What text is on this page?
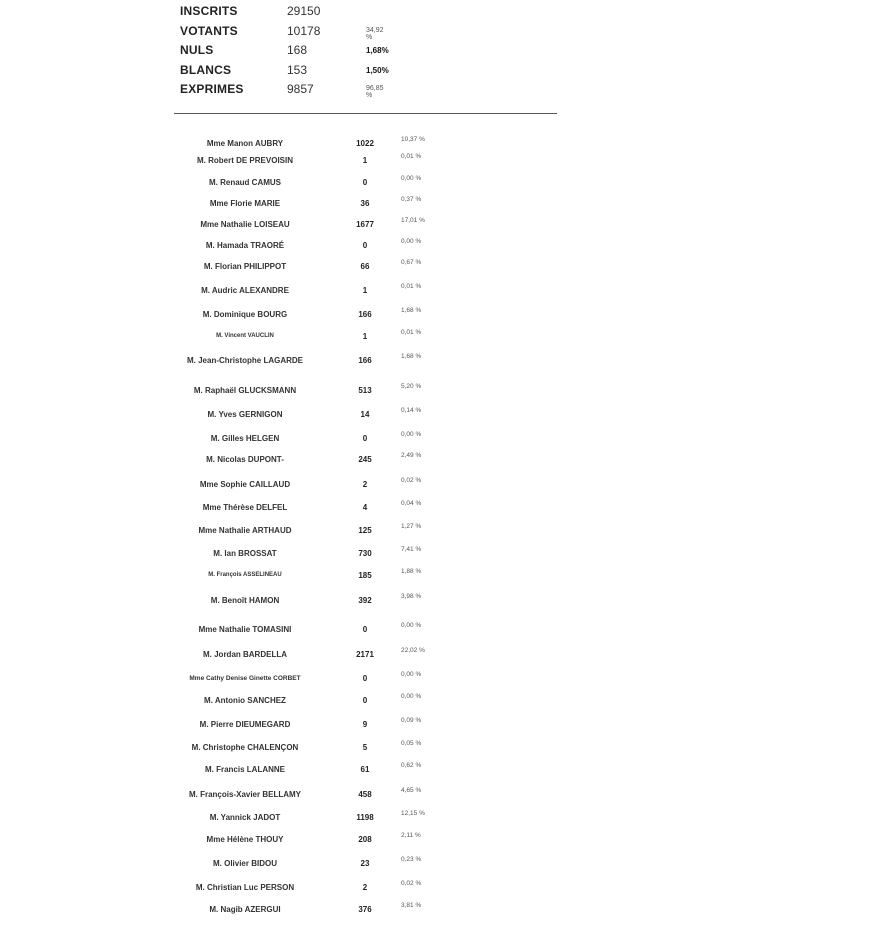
INSCRITS	29150
VOTANTS	10178	34,92 %
NULS	168	1,68%
BLANCS	153	1,50%
EXPRIMES	9857	96,85 %
Mme Manon AUBRY	1022	10,37 %
M. Robert DE PREVOISIN	1	0,01 %
M. Renaud CAMUS	0	0,00 %
Mme Florie MARIE	36	0,37 %
Mme Nathalie LOISEAU	1677	17,01 %
M. Hamada TRAORÉ	0	0,00 %
M. Florian PHILIPPOT	66	0,67 %
M. Audric ALEXANDRE	1	0,01 %
M. Dominique BOURG	166	1,68 %
M. Vincent VAUCLIN	1	0,01 %
M. Jean-Christophe LAGARDE	166	1,68 %
M. Raphaël GLUCKSMANN	513	5,20 %
M. Yves GERNIGON	14	0,14 %
M. Gilles HELGEN	0	0,00 %
M. Nicolas DUPONT-	245	2,49 %
Mme Sophie CAILLAUD	2	0,02 %
Mme Thérèse DELFEL	4	0,04 %
Mme Nathalie ARTHAUD	125	1,27 %
M. Ian BROSSAT	730	7,41 %
M. François ASSELINEAU	185	1,88 %
M. Benoît HAMON	392	3,98 %
Mme Nathalie TOMASINI	0	0,00 %
M. Jordan BARDELLA	2171	22,02 %
Mme Cathy Denise Ginette CORBET	0	0,00 %
M. Antonio SANCHEZ	0	0,00 %
M. Pierre DIEUMEGARD	9	0,09 %
M. Christophe CHALENÇON	5	0,05 %
M. Francis LALANNE	61	0,62 %
M. François-Xavier BELLAMY	458	4,65 %
M. Yannick JADOT	1198	12,15 %
Mme Hélène THOUY	208	2,11 %
M. Olivier BIDOU	23	0,23 %
M. Christian Luc PERSON	2	0,02 %
M. Nagib AZERGUI	376	3,81 %
